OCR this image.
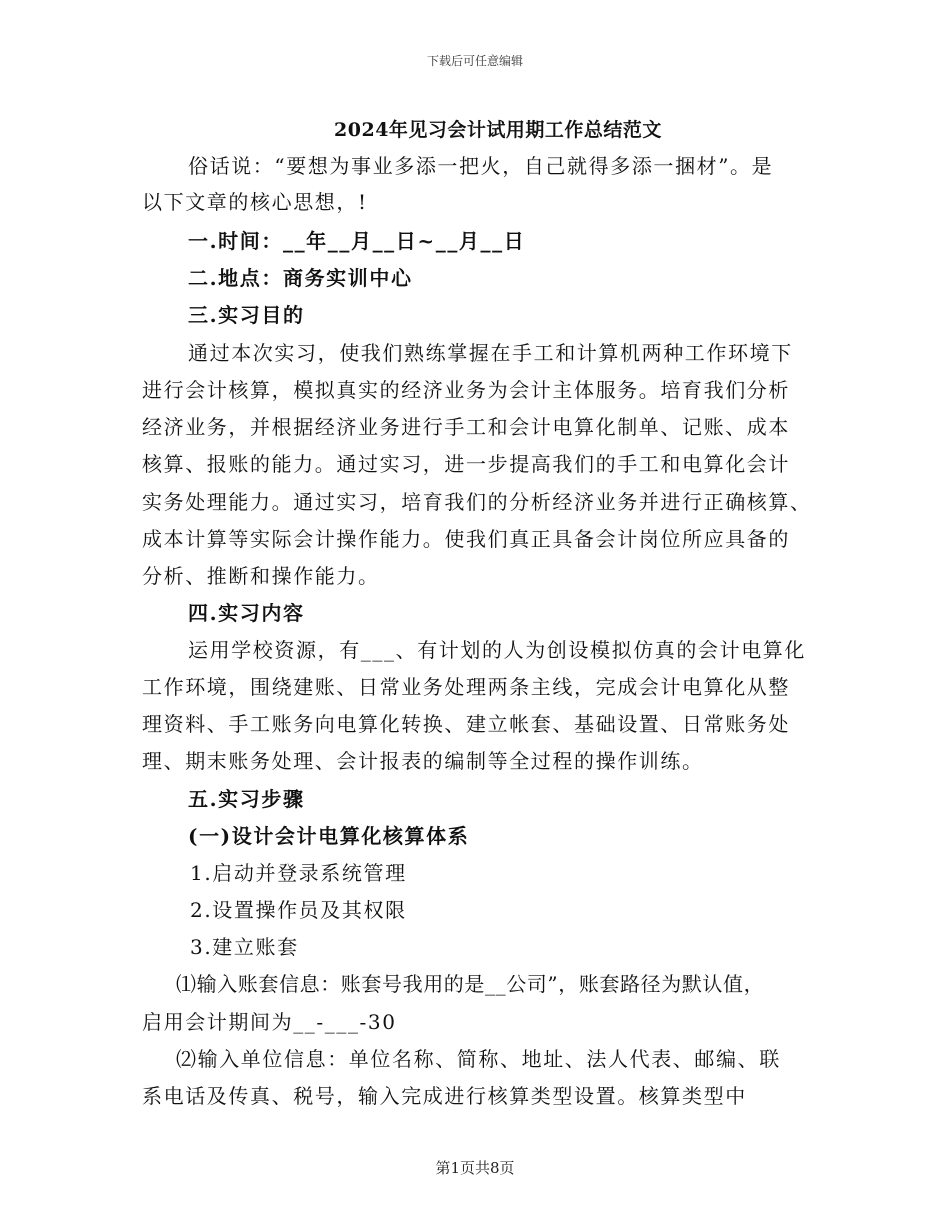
下载后可任意编辑
2024年见习会计试用期工作总结范文
俗话说：“要想为事业多添一把火，自己就得多添一捆材”。是
以下文章的核心思想，!
一.时间：__年__月__日~__月__日
二.地点：商务实训中心
三.实习目的
通过本次实习，使我们熟练掌握在手工和计算机两种工作环境下
进行会计核算，模拟真实的经济业务为会计主体服务。培育我们分析
经济业务，并根据经济业务进行手工和会计电算化制单、记账、成本
核算、报账的能力。通过实习，进一步提高我们的手工和电算化会计
实务处理能力。通过实习，培育我们的分析经济业务并进行正确核算、
成本计算等实际会计操作能力。使我们真正具备会计岗位所应具备的
分析、推断和操作能力。
四.实习内容
运用学校资源，有___、有计划的人为创设模拟仿真的会计电算化
工作环境，围绕建账、日常业务处理两条主线，完成会计电算化从整
理资料、手工账务向电算化转换、建立帐套、基础设置、日常账务处
理、期末账务处理、会计报表的编制等全过程的操作训练。
五.实习步骤
(一)设计会计电算化核算体系
1.启动并登录系统管理
2.设置操作员及其权限
3.建立账套
⑴输入账套信息：账套号我用的是__公司”，账套路径为默认值，
启用会计期间为__-___-30
⑵输入单位信息：单位名称、简称、地址、法人代表、邮编、联
系电话及传真、税号，输入完成进行核算类型设置。核算类型中
第1页共8页
